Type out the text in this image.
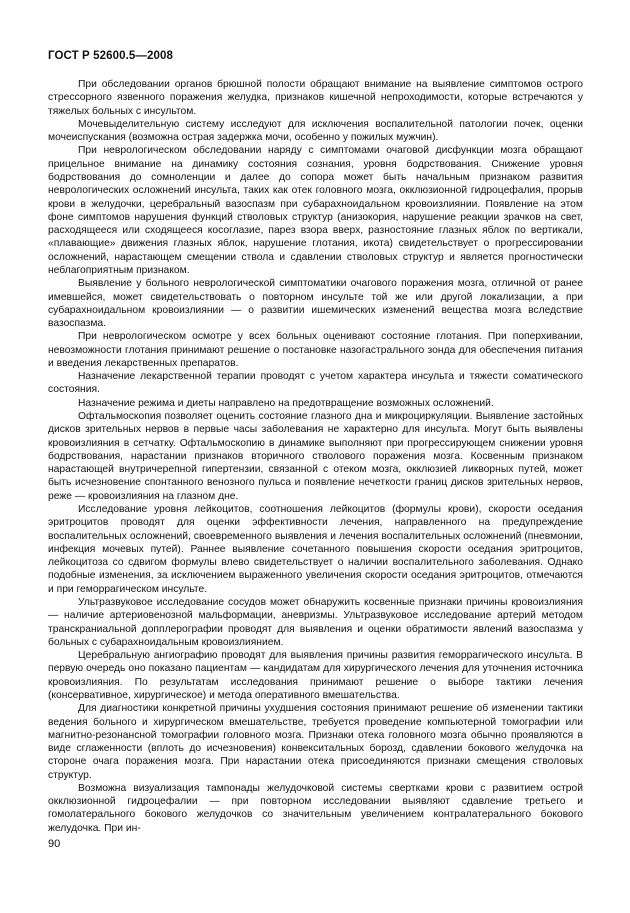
ГОСТ Р 52600.5—2008

При обследовании органов брюшной полости обращают внимание на выявление симптомов острого стрессорного язвенного поражения желудка, признаков кишечной непроходимости, которые встречаются у тяжелых больных с инсультом.

Мочевыделительную систему исследуют для исключения воспалительной патологии почек, оценки мочеиспускания (возможна острая задержка мочи, особенно у пожилых мужчин).

При неврологическом обследовании наряду с симптомами очаговой дисфункции мозга обращают прицельное внимание на динамику состояния сознания, уровня бодрствования. Снижение уровня бодрствования до сомноленции и далее до сопора может быть начальным признаком развития неврологических осложнений инсульта, таких как отек головного мозга, окклюзионной гидроцефалия, прорыв крови в желудочки, церебральный вазоспазм при субарахноидальном кровоизлиянии. Появление на этом фоне симптомов нарушения функций стволовых структур (анизокория, нарушение реакции зрачков на свет, расходящееся или сходящееся косоглазие, парез взора вверх, разностояние глазных яблок по вертикали, «плавающие» движения глазных яблок, нарушение глотания, икота) свидетельствует о прогрессировании осложнений, нарастающем смещении ствола и сдавлении стволовых структур и является прогностически неблагоприятным признаком.

Выявление у больного неврологической симптоматики очагового поражения мозга, отличной от ранее имевшейся, может свидетельствовать о повторном инсульте той же или другой локализации, а при субарахноидальном кровоизлиянии — о развитии ишемических изменений вещества мозга вследствие вазоспазма.

При неврологическом осмотре у всех больных оценивают состояние глотания. При поперхивании, невозможности глотания принимают решение о постановке назогастрального зонда для обеспечения питания и введения лекарственных препаратов.

Назначение лекарственной терапии проводят с учетом характера инсульта и тяжести соматического состояния.

Назначение режима и диеты направлено на предотвращение возможных осложнений.

Офтальмоскопия позволяет оценить состояние глазного дна и микроциркуляции. Выявление застойных дисков зрительных нервов в первые часы заболевания не характерно для инсульта. Могут быть выявлены кровоизлияния в сетчатку. Офтальмоскопию в динамике выполняют при прогрессирующем снижении уровня бодрствования, нарастании признаков вторичного стволового поражения мозга. Косвенным признаком нарастающей внутричерепной гипертензии, связанной с отеком мозга, окклюзией ликворных путей, может быть исчезновение спонтанного венозного пульса и появление нечеткости границ дисков зрительных нервов, реже — кровоизлияния на глазном дне.

Исследование уровня лейкоцитов, соотношения лейкоцитов (формулы крови), скорости оседания эритроцитов проводят для оценки эффективности лечения, направленного на предупреждение воспалительных осложнений, своевременного выявления и лечения воспалительных осложнений (пневмонии, инфекция мочевых путей). Раннее выявление сочетанного повышения скорости оседания эритроцитов, лейкоцитоза со сдвигом формулы влево свидетельствует о наличии воспалительного заболевания. Однако подобные изменения, за исключением выраженного увеличения скорости оседания эритроцитов, отмечаются и при геморрагическом инсульте.

Ультразвуковое исследование сосудов может обнаружить косвенные признаки причины кровоизлияния — наличие артериовенозной мальформации, аневризмы. Ультразвуковое исследование артерий методом транскраниальной допплерографии проводят для выявления и оценки обратимости явлений вазоспазма у больных с субарахноидальным кровоизлиянием.

Церебральную ангиографию проводят для выявления причины развития геморрагического инсульта. В первую очередь оно показано пациентам — кандидатам для хирургического лечения для уточнения источника кровоизлияния. По результатам исследования принимают решение о выборе тактики лечения (консервативное, хирургическое) и метода оперативного вмешательства.

Для диагностики конкретной причины ухудшения состояния принимают решение об изменении тактики ведения больного и хирургическом вмешательстве, требуется проведение компьютерной томографии или магнитно-резонансной томографии головного мозга. Признаки отека головного мозга обычно проявляются в виде сглаженности (вплоть до исчезновения) конвекситальных борозд, сдавлении бокового желудочка на стороне очага поражения мозга. При нарастании отека присоединяются признаки смещения стволовых структур.

Возможна визуализация тампонады желудочковой системы свертками крови с развитием острой окклюзионной гидроцефалии — при повторном исследовании выявляют сдавление третьего и гомолатерального бокового желудочков со значительным увеличением контралатерального бокового желудочка. При ин-

90
